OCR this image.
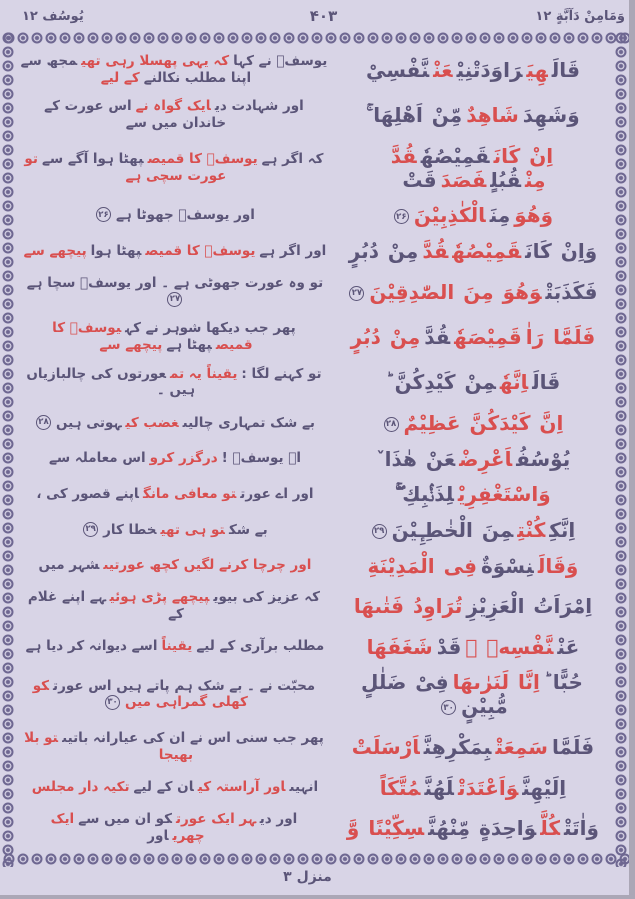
وَمَامِنْ دَآبَّةٍ ۱۲
۴۰۳
یُوسُف ۱۲
قَالَهِيَرَاوَدَتْنِيْعَنْنَّفْسِيْ
یوسفؑ نے کہاکہ یہی پھسلا رہی تھیمجھ سے اپنا مطلب نکالنےکے لیے
وَشَهِدَشَاهِدٌمِّنْ اَهْلِهَا ۚ
اور شہادت دیایک گواہ نےاس عورت کے خاندان میں سے
اِنْ كَانَقَمِيْصُهٗقُدَّ مِنْقُبُلٍفَصَدَقَتْ
کہ اگر ہےیوسفؑ کا قمیصپھٹا ہوا آگے سےتو عورت سچی ہے
وَهُوَمِنَالْكٰذِبِيْنَ۲۶
اور یوسفؑ جھوٹا ہے۲۶
وَاِنْ كَانَقَمِيْصُهٗقُدَّمِنْ دُبُرٍ
اور اگر ہےیوسفؑ کا قمیصپھٹا ہواپیچھے سے
فَكَذَبَتْوَهُوَ مِنَ الصّٰدِقِيْنَ۲۷
تو وہ عورت جھوٹی ہے ۔ اور یوسفؑ سچا ہے۲۷
فَلَمَّا رَاٰقَمِيْصَهٗقُدَّمِنْ دُبُرٍ
پھر جب دیکھا شوہر نے کہیوسفؑ کا قمیصپھٹا ہےپیچھے سے
قَالَاِنَّهٗمِنْ كَيْدِكُنَّ ؕ
تو کہنے لگا :یقیناً یہ تمعورتوں کی چالبازیاں ہیں ۔
اِنَّ كَيْدَكُنَّ عَظِيْمٌ۲۸
بے شک تمہاری چالیںغضب کیہوتی ہیں۲۸
يُوْسُفُاَعْرِضْعَنْ هٰذَا ٚ
اے یوسفؑ !درگزر کرواس معاملہ سے
وَاسْتَغْفِرِيْلِذَنْۢبِكِ ۚۖ
اور اے عورتتو معافی مانگاپنے قصور کی ،
اِنَّكِكُنْتِمِنَ الْخٰطِـِٕيْنَ۲۹
بے شکتو ہی تھیخطا کار۲۹
وَقَالَنِسْوَةٌفِی الْمَدِيْنَةِ
اور چرچا کرنے لگیں کچھ عورتیںشہر میں
اِمْرَاَتُ الْعَزِيْزِتُرَاوِدُ فَتٰىهَا
کہ عزیز کی بیویپیچھے پڑی ہوئیہے اپنے غلام کے
عَنْنَّفْسِهٖ ۚقَدْشَغَفَهَا
مطلب برآری کے لیےیقیناًاسے دیوانہ کر دیا ہے
حُبًّا ؕاِنَّا لَنَرٰىهَافِیْ ضَلٰلٍ مُّبِيْنٍ۳۰
محبّت نے ۔ بے شک ہم پاتے ہیں اس عورتکو کھلی گمراہی میں۳۰
فَلَمَّاسَمِعَتْبِمَكْرِهِنَّاَرْسَلَتْ
پھر جب سنی اس نے ان کی عیارانہ باتیںتو بلا بھیجا
اِلَيْهِنَّوَاَعْتَدَتْلَهُنَّمُتَّكَاً
انہیںاور آراستہ کیان کے لیےتکیہ دار مجلس
وَاٰتَتْكُلَّوَاحِدَةٍ مِّنْهُنَّسِكِّيْنًا وَّ
اور دیہر ایک عورتکو ان میں سےایک چھریاور
منزل ۳
